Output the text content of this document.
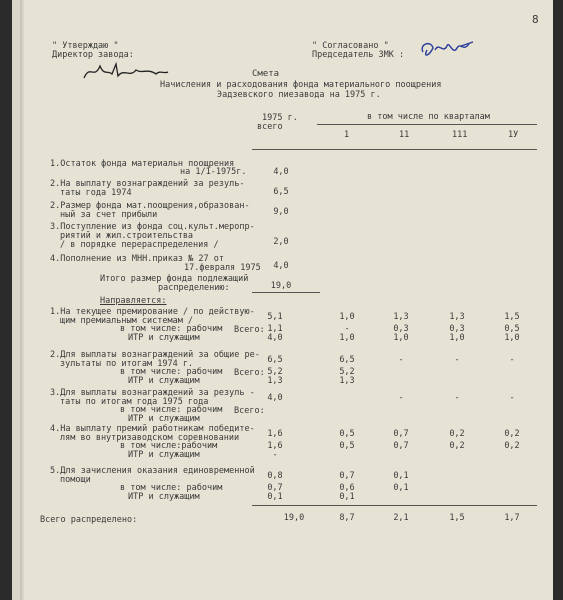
8
" Утверждаю "
Директор завода:
" Согласовано "
Председатель ЗМК :
Смета
Начисления и расходования фонда материального поощрения
Эадзевского пиезавода на 1975 г.
1975 г.
всего
в том числе по кварталам
1	11	111	1У
1.Остаток фонда материальн поощрения
на 1/1-1975г.	4,0
2.На выплату вознаграждений за резуль-
таты года 1974	6,5
2.Размер фонда мат.поощрения,образован-
ный за счет прибыли	9,0
3.Поступление из фонда соц.культ.меропр-
риятий и жил.строительства
/ в порядке перераспределения /	2,0
4.Пополнение из МНН.приказ № 27 от
17.февраля 1975	4,0
Итого размер фонда подлежащий
распределению:	19,0
Направляется:
1.На текущее премирование / по действую-
щим премиальным системам /
Всего:
5,1	1,0	1,3	1,3	1,5
в том числе: рабочим	1,1	-	0,3	0,3	0,5
ИТР и служащим	4,0	1,0	1,0	1,0	1,0
2.Для выплаты вознаграждений за общие ре-
зультаты по итогам 1974 г.
Всего:
6,5	6,5	-	-	-
в том числе: рабочим	5,2	5,2
ИТР и служащим	1,3	1,3
3.Для выплаты вознаграждений за резуль -
таты по итогам года 1975 года
Всего:
4,0	-	-	-
в том числе: рабочим
ИТР и служащим
4.На выплату премий работникам победите-
лям во внутризаводском соревновании	1,6	0,5	0,7	0,2	0,2
в том числе:рабочим	1,6	0,5	0,7	0,2	0,2
ИТР и служащим	-
5.Для зачисления оказания единовременной
помощи	0,8	0,7	0,1
в том числе: рабочим	0,7	0,6	0,1
ИТР и служащим	0,1	0,1
Всего распределено:	19,0	8,7	2,1	1,5	1,7
